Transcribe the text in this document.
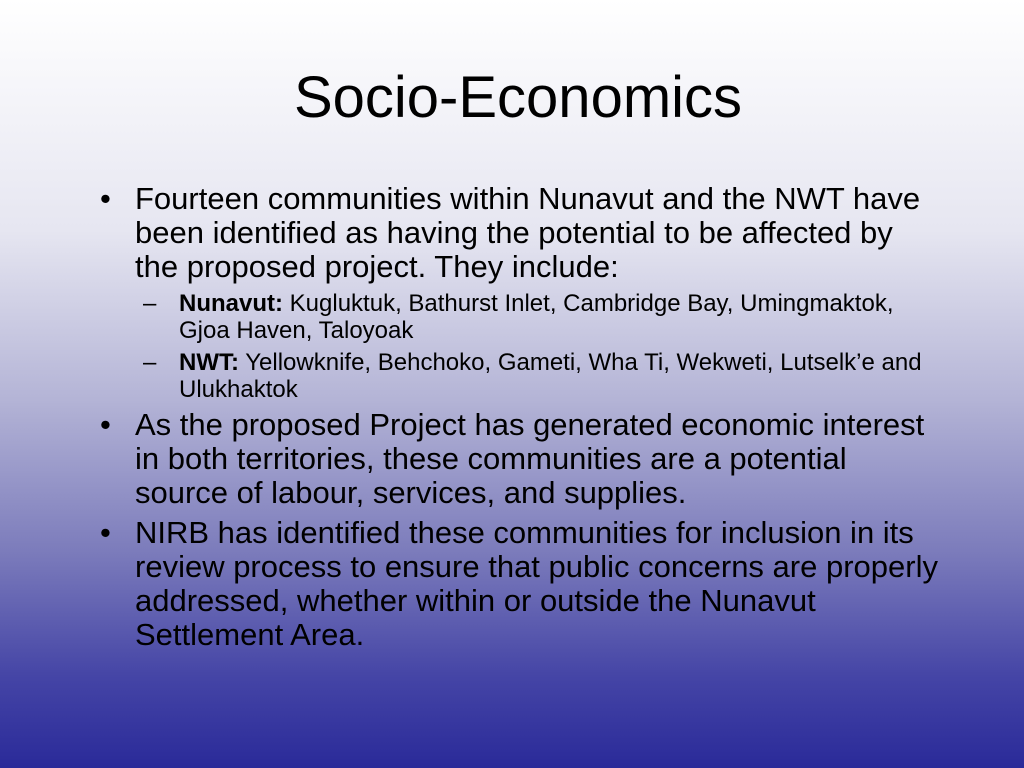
Socio-Economics
• Fourteen communities within Nunavut and the NWT have been identified as having the potential to be affected by the proposed project. They include:
– Nunavut: Kugluktuk, Bathurst Inlet, Cambridge Bay, Umingmaktok, Gjoa Haven, Taloyoak
– NWT: Yellowknife, Behchoko, Gameti, Wha Ti, Wekweti, Lutselk’e and Ulukhaktok
• As the proposed Project has generated economic interest in both territories, these communities are a potential source of labour, services, and supplies.
• NIRB has identified these communities for inclusion in its review process to ensure that public concerns are properly addressed, whether within or outside the Nunavut Settlement Area.
